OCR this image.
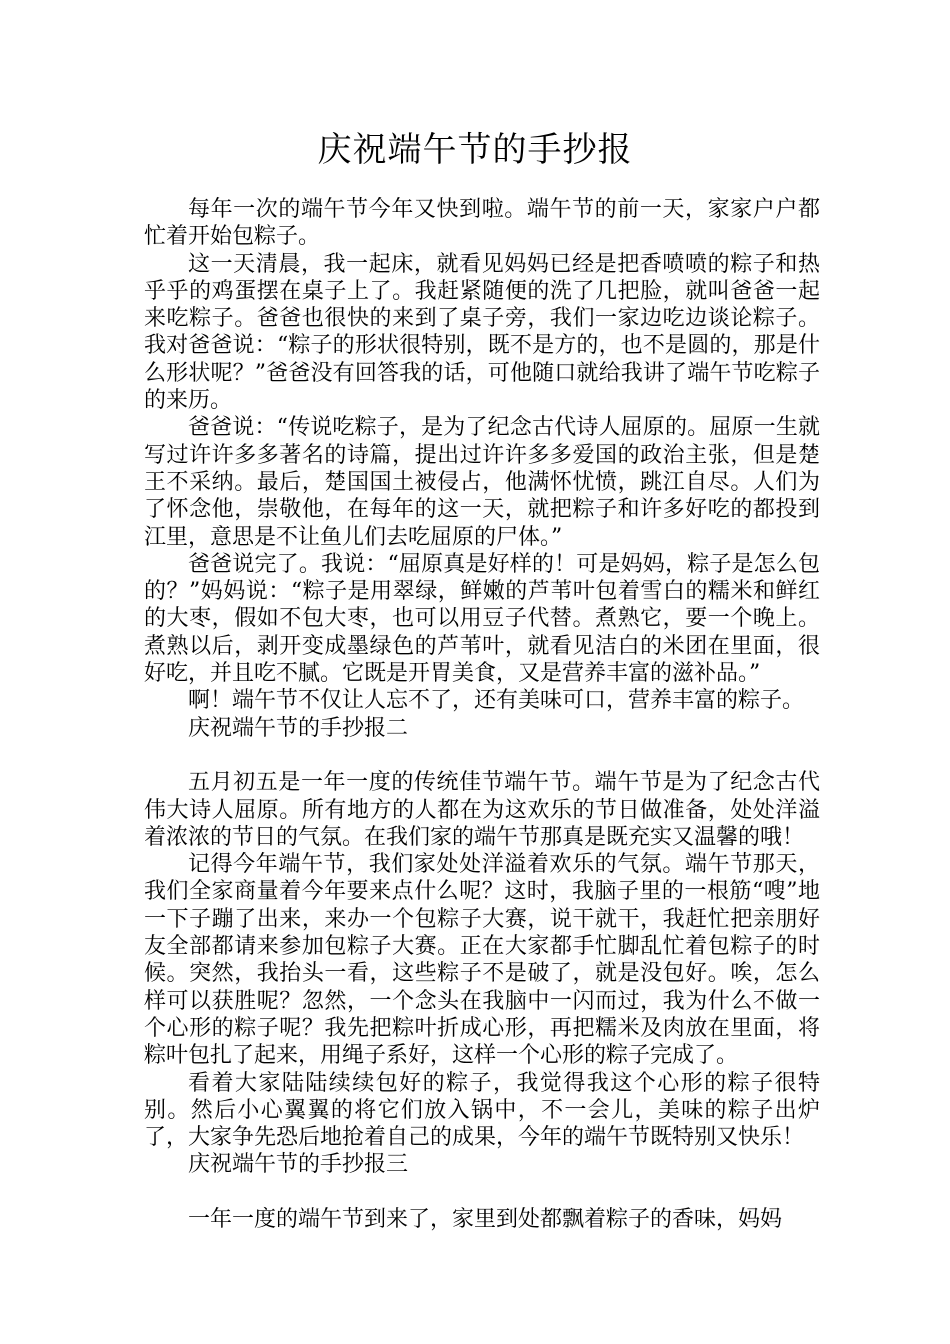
庆祝端午节的手抄报

每年一次的端午节今年又快到啦。端午节的前一天，家家户户都忙着开始包粽子。

这一天清晨，我一起床，就看见妈妈已经是把香喷喷的粽子和热乎乎的鸡蛋摆在桌子上了。我赶紧随便的洗了几把脸，就叫爸爸一起来吃粽子。爸爸也很快的来到了桌子旁，我们一家边吃边谈论粽子。我对爸爸说：“粽子的形状很特别，既不是方的，也不是圆的，那是什么形状呢？”爸爸没有回答我的话，可他随口就给我讲了端午节吃粽子的来历。

爸爸说：“传说吃粽子，是为了纪念古代诗人屈原的。屈原一生就写过许许多多著名的诗篇，提出过许许多多爱国的政治主张，但是楚王不采纳。最后，楚国国土被侵占，他满怀忧愤，跳江自尽。人们为了怀念他，崇敬他，在每年的这一天，就把粽子和许多好吃的都投到江里，意思是不让鱼儿们去吃屈原的尸体。”

爸爸说完了。我说：“屈原真是好样的！可是妈妈，粽子是怎么包的？”妈妈说：“粽子是用翠绿，鲜嫩的芦苇叶包着雪白的糯米和鲜红的大枣，假如不包大枣，也可以用豆子代替。煮熟它，要一个晚上。煮熟以后，剥开变成墨绿色的芦苇叶，就看见洁白的米团在里面，很好吃，并且吃不腻。它既是开胃美食，又是营养丰富的滋补品。”

啊！端午节不仅让人忘不了，还有美味可口，营养丰富的粽子。

庆祝端午节的手抄报二

五月初五是一年一度的传统佳节端午节。端午节是为了纪念古代伟大诗人屈原。所有地方的人都在为这欢乐的节日做准备，处处洋溢着浓浓的节日的气氛。在我们家的端午节那真是既充实又温馨的哦！

记得今年端午节，我们家处处洋溢着欢乐的气氛。端午节那天，我们全家商量着今年要来点什么呢？这时，我脑子里的一根筋“嗖”地一下子蹦了出来，来办一个包粽子大赛，说干就干，我赶忙把亲朋好友全部都请来参加包粽子大赛。正在大家都手忙脚乱忙着包粽子的时候。突然，我抬头一看，这些粽子不是破了，就是没包好。唉，怎么样可以获胜呢？忽然，一个念头在我脑中一闪而过，我为什么不做一个心形的粽子呢？我先把粽叶折成心形，再把糯米及肉放在里面，将粽叶包扎了起来，用绳子系好，这样一个心形的粽子完成了。

看着大家陆陆续续包好的粽子，我觉得我这个心形的粽子很特别。然后小心翼翼的将它们放入锅中，不一会儿，美味的粽子出炉了，大家争先恐后地抢着自己的成果，今年的端午节既特别又快乐！

庆祝端午节的手抄报三

一年一度的端午节到来了，家里到处都飘着粽子的香味，妈妈
